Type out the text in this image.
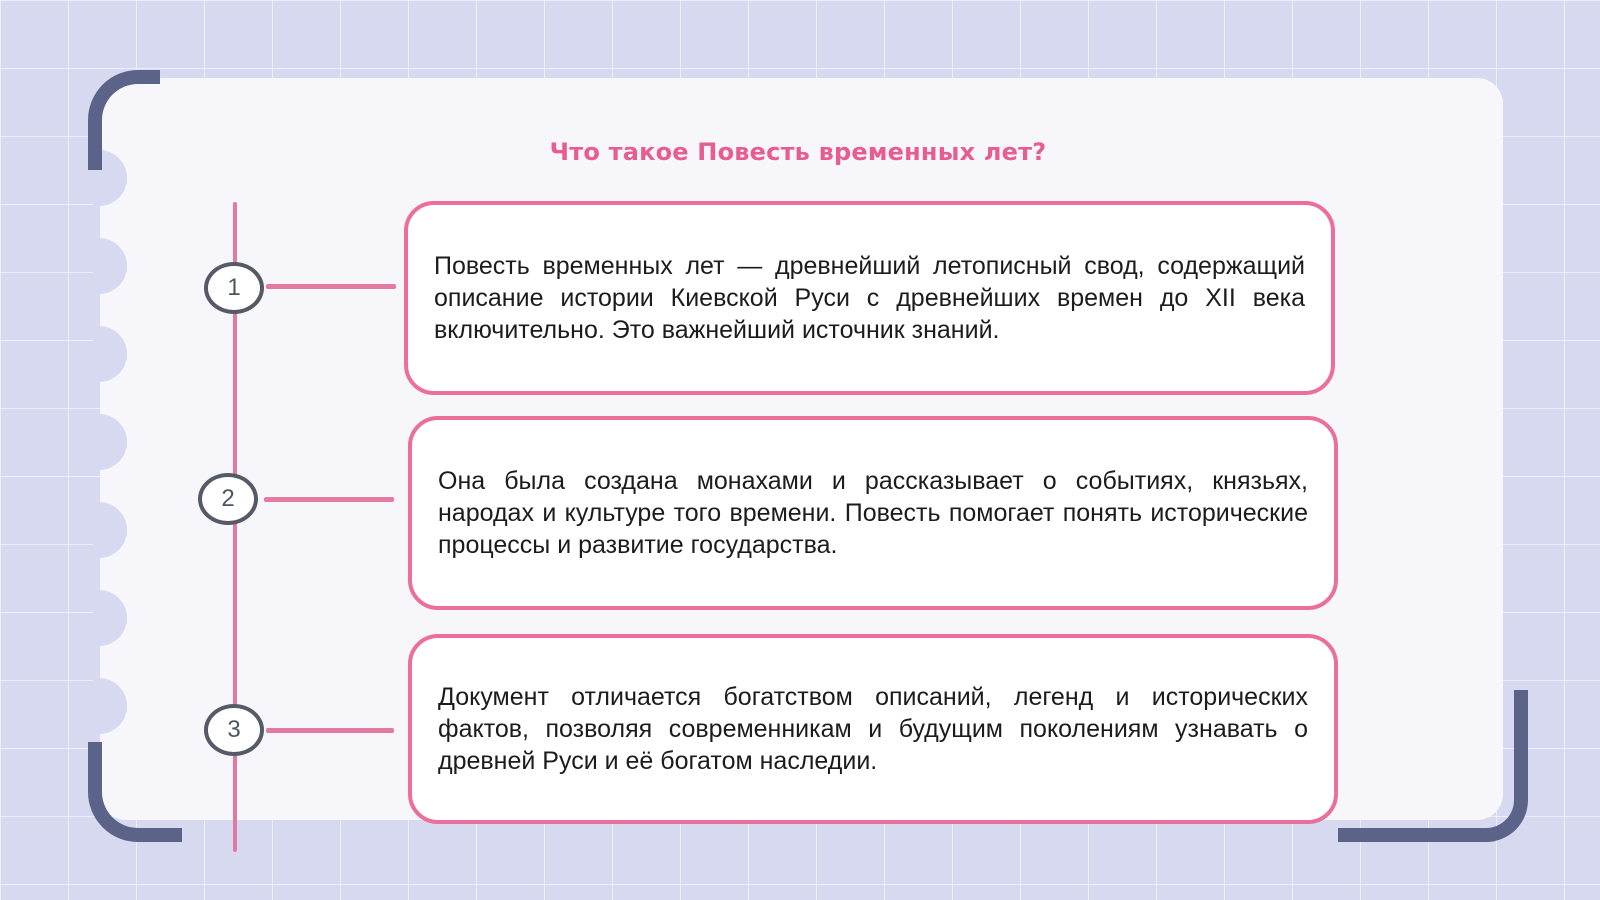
Что такое Повесть временных лет?
1
Повесть временных лет — древнейший летописный свод, содержащий описание истории Киевской Руси с древнейших времен до XII века включительно. Это важнейший источник знаний.
2
Она была создана монахами и рассказывает о событиях, князьях, народах и культуре того времени. Повесть помогает понять исторические процессы и развитие государства.
3
Документ отличается богатством описаний, легенд и исторических фактов, позволяя современникам и будущим поколениям узнавать о древней Руси и её богатом наследии.
